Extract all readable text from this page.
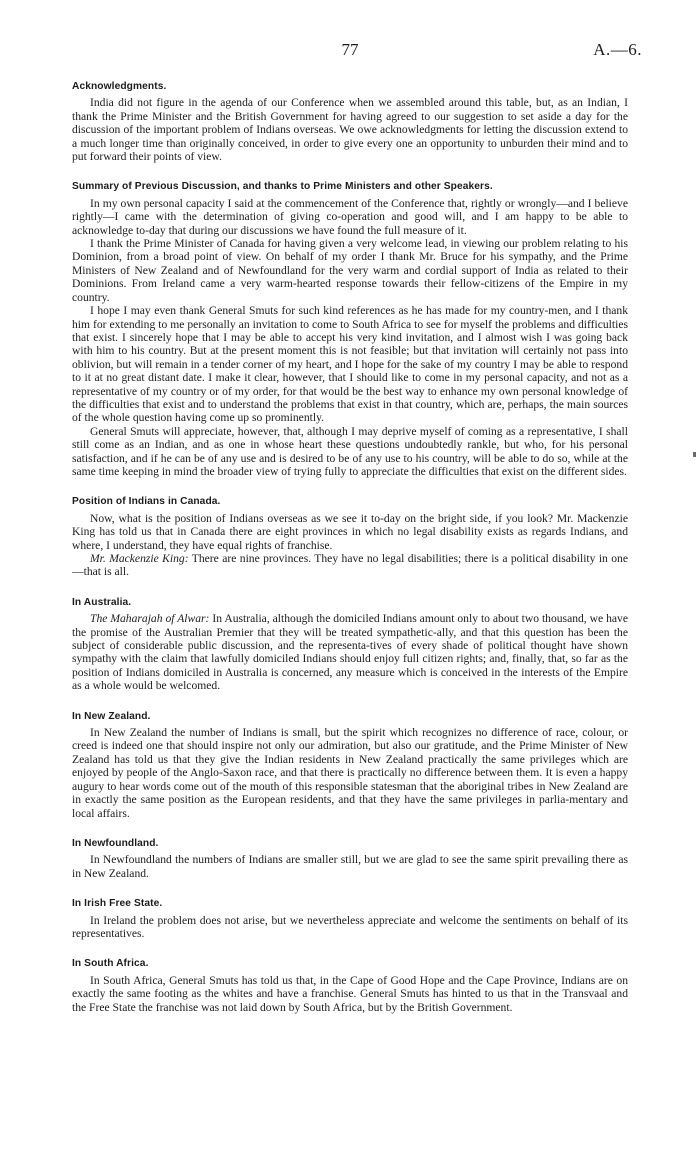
77	A.—6.
Acknowledgments.

India did not figure in the agenda of our Conference when we assembled around this table, but, as an Indian, I thank the Prime Minister and the British Government for having agreed to our suggestion to set aside a day for the discussion of the important problem of Indians overseas. We owe acknowledgments for letting the discussion extend to a much longer time than originally conceived, in order to give every one an opportunity to unburden their mind and to put forward their points of view.

Summary of Previous Discussion, and thanks to Prime Ministers and other Speakers.

In my own personal capacity I said at the commencement of the Conference that, rightly or wrongly—and I believe rightly—I came with the determination of giving co-operation and good will, and I am happy to be able to acknowledge to-day that during our discussions we have found the full measure of it.

I thank the Prime Minister of Canada for having given a very welcome lead, in viewing our problem relating to his Dominion, from a broad point of view. On behalf of my order I thank Mr. Bruce for his sympathy, and the Prime Ministers of New Zealand and of Newfoundland for the very warm and cordial support of India as related to their Dominions. From Ireland came a very warm-hearted response towards their fellow-citizens of the Empire in my country.

I hope I may even thank General Smuts for such kind references as he has made for my country-men, and I thank him for extending to me personally an invitation to come to South Africa to see for myself the problems and difficulties that exist. I sincerely hope that I may be able to accept his very kind invitation, and I almost wish I was going back with him to his country. But at the present moment this is not feasible; but that invitation will certainly not pass into oblivion, but will remain in a tender corner of my heart, and I hope for the sake of my country I may be able to respond to it at no great distant date. I make it clear, however, that I should like to come in my personal capacity, and not as a representative of my country or of my order, for that would be the best way to enhance my own personal knowledge of the difficulties that exist and to understand the problems that exist in that country, which are, perhaps, the main sources of the whole question having come up so prominently.

General Smuts will appreciate, however, that, although I may deprive myself of coming as a representative, I shall still come as an Indian, and as one in whose heart these questions undoubtedly rankle, but who, for his personal satisfaction, and if he can be of any use and is desired to be of any use to his country, will be able to do so, while at the same time keeping in mind the broader view of trying fully to appreciate the difficulties that exist on the different sides.

Position of Indians in Canada.

Now, what is the position of Indians overseas as we see it to-day on the bright side, if you look? Mr. Mackenzie King has told us that in Canada there are eight provinces in which no legal disability exists as regards Indians, and where, I understand, they have equal rights of franchise.

Mr. Mackenzie King: There are nine provinces. They have no legal disabilities; there is a political disability in one—that is all.

In Australia.

The Maharajah of Alwar: In Australia, although the domiciled Indians amount only to about two thousand, we have the promise of the Australian Premier that they will be treated sympathetic-ally, and that this question has been the subject of considerable public discussion, and the representa-tives of every shade of political thought have shown sympathy with the claim that lawfully domiciled Indians should enjoy full citizen rights; and, finally, that, so far as the position of Indians domiciled in Australia is concerned, any measure which is conceived in the interests of the Empire as a whole would be welcomed.

In New Zealand.

In New Zealand the number of Indians is small, but the spirit which recognizes no difference of race, colour, or creed is indeed one that should inspire not only our admiration, but also our gratitude, and the Prime Minister of New Zealand has told us that they give the Indian residents in New Zealand practically the same privileges which are enjoyed by people of the Anglo-Saxon race, and that there is practically no difference between them. It is even a happy augury to hear words come out of the mouth of this responsible statesman that the aboriginal tribes in New Zealand are in exactly the same position as the European residents, and that they have the same privileges in parlia-mentary and local affairs.

In Newfoundland.

In Newfoundland the numbers of Indians are smaller still, but we are glad to see the same spirit prevailing there as in New Zealand.

In Irish Free State.

In Ireland the problem does not arise, but we nevertheless appreciate and welcome the sentiments on behalf of its representatives.

In South Africa.

In South Africa, General Smuts has told us that, in the Cape of Good Hope and the Cape Province, Indians are on exactly the same footing as the whites and have a franchise. General Smuts has hinted to us that in the Transvaal and the Free State the franchise was not laid down by South Africa, but by the British Government.
